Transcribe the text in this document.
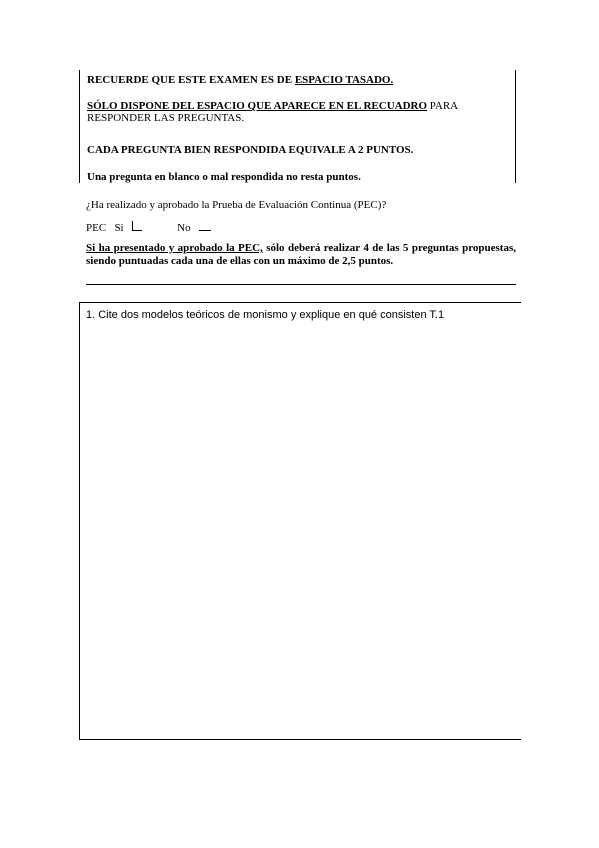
RECUERDE QUE ESTE EXAMEN ES DE ESPACIO TASADO.

SÓLO DISPONE DEL ESPACIO QUE APARECE EN EL RECUADRO PARA RESPONDER LAS PREGUNTAS.

CADA PREGUNTA BIEN RESPONDIDA EQUIVALE A 2 PUNTOS.

Una pregunta en blanco o mal respondida no resta puntos.

¿Ha realizado y aprobado la Prueba de Evaluación Continua (PEC)?

PEC Si	No

Si ha presentado y aprobado la PEC, sólo deberá realizar 4 de las 5 preguntas propuestas, siendo puntuadas cada una de ellas con un máximo de 2,5 puntos.

1. Cite dos modelos teóricos de monismo y explique en qué consisten T.1
